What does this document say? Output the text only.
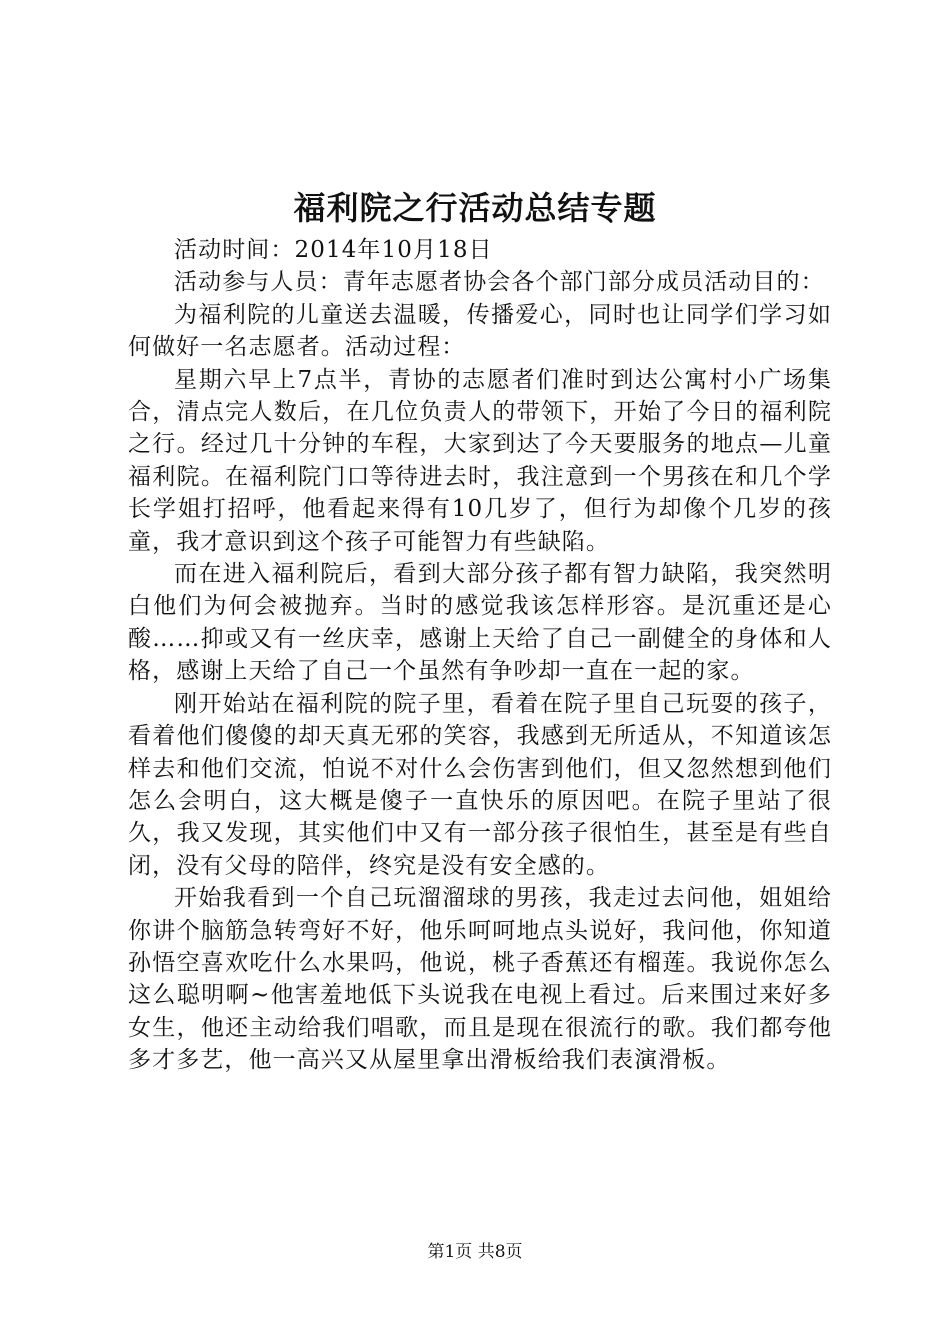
福利院之行活动总结专题

活动时间：2014年10月18日

活动参与人员：青年志愿者协会各个部门部分成员活动目的：

为福利院的儿童送去温暖，传播爱心，同时也让同学们学习如何做好一名志愿者。活动过程：

星期六早上7点半，青协的志愿者们准时到达公寓村小广场集合，清点完人数后，在几位负责人的带领下，开始了今日的福利院之行。经过几十分钟的车程，大家到达了今天要服务的地点—儿童福利院。在福利院门口等待进去时，我注意到一个男孩在和几个学长学姐打招呼，他看起来得有10几岁了，但行为却像个几岁的孩童，我才意识到这个孩子可能智力有些缺陷。

而在进入福利院后，看到大部分孩子都有智力缺陷，我突然明白他们为何会被抛弃。当时的感觉我该怎样形容。是沉重还是心酸……抑或又有一丝庆幸，感谢上天给了自己一副健全的身体和人格，感谢上天给了自己一个虽然有争吵却一直在一起的家。

刚开始站在福利院的院子里，看着在院子里自己玩耍的孩子，看着他们傻傻的却天真无邪的笑容，我感到无所适从，不知道该怎样去和他们交流，怕说不对什么会伤害到他们，但又忽然想到他们怎么会明白，这大概是傻子一直快乐的原因吧。在院子里站了很久，我又发现，其实他们中又有一部分孩子很怕生，甚至是有些自闭，没有父母的陪伴，终究是没有安全感的。

开始我看到一个自己玩溜溜球的男孩，我走过去问他，姐姐给你讲个脑筋急转弯好不好，他乐呵呵地点头说好，我问他，你知道孙悟空喜欢吃什么水果吗，他说，桃子香蕉还有榴莲。我说你怎么这么聪明啊~他害羞地低下头说我在电视上看过。后来围过来好多女生，他还主动给我们唱歌，而且是现在很流行的歌。我们都夸他多才多艺，他一高兴又从屋里拿出滑板给我们表演滑板。

第1页 共8页
